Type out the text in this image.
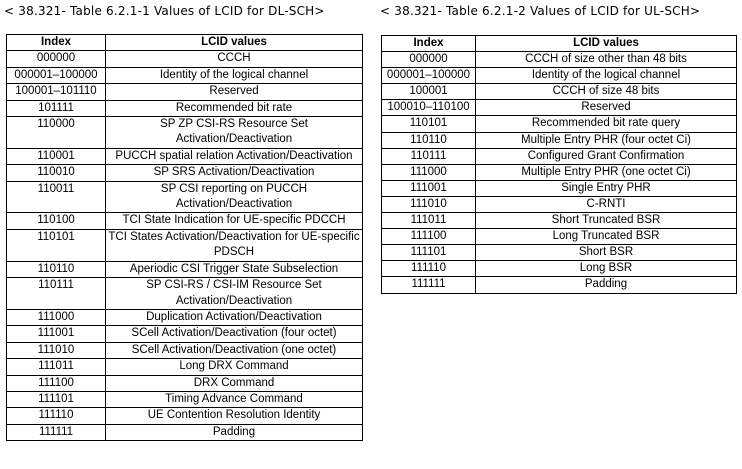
< 38.321- Table 6.2.1-1 Values of LCID for DL-SCH>	< 38.321- Table 6.2.1-2 Values of LCID for UL-SCH>
Index	LCID values
000000	CCCH
000001–100000	Identity of the logical channel
100001–101110	Reserved
101111	Recommended bit rate
110000	SP ZP CSI-RS Resource Set Activation/Deactivation
110001	PUCCH spatial relation Activation/Deactivation
110010	SP SRS Activation/Deactivation
110011	SP CSI reporting on PUCCH Activation/Deactivation
110100	TCI State Indication for UE-specific PDCCH
110101	TCI States Activation/Deactivation for UE-specific PDSCH
110110	Aperiodic CSI Trigger State Subselection
110111	SP CSI-RS / CSI-IM Resource Set Activation/Deactivation
111000	Duplication Activation/Deactivation
111001	SCell Activation/Deactivation (four octet)
111010	SCell Activation/Deactivation (one octet)
111011	Long DRX Command
111100	DRX Command
111101	Timing Advance Command
111110	UE Contention Resolution Identity
111111	Padding
Index	LCID values
000000	CCCH of size other than 48 bits
000001–100000	Identity of the logical channel
100001	CCCH of size 48 bits
100010–110100	Reserved
110101	Recommended bit rate query
110110	Multiple Entry PHR (four octet Ci)
110111	Configured Grant Confirmation
111000	Multiple Entry PHR (one octet Ci)
111001	Single Entry PHR
111010	C-RNTI
111011	Short Truncated BSR
111100	Long Truncated BSR
111101	Short BSR
111110	Long BSR
111111	Padding
